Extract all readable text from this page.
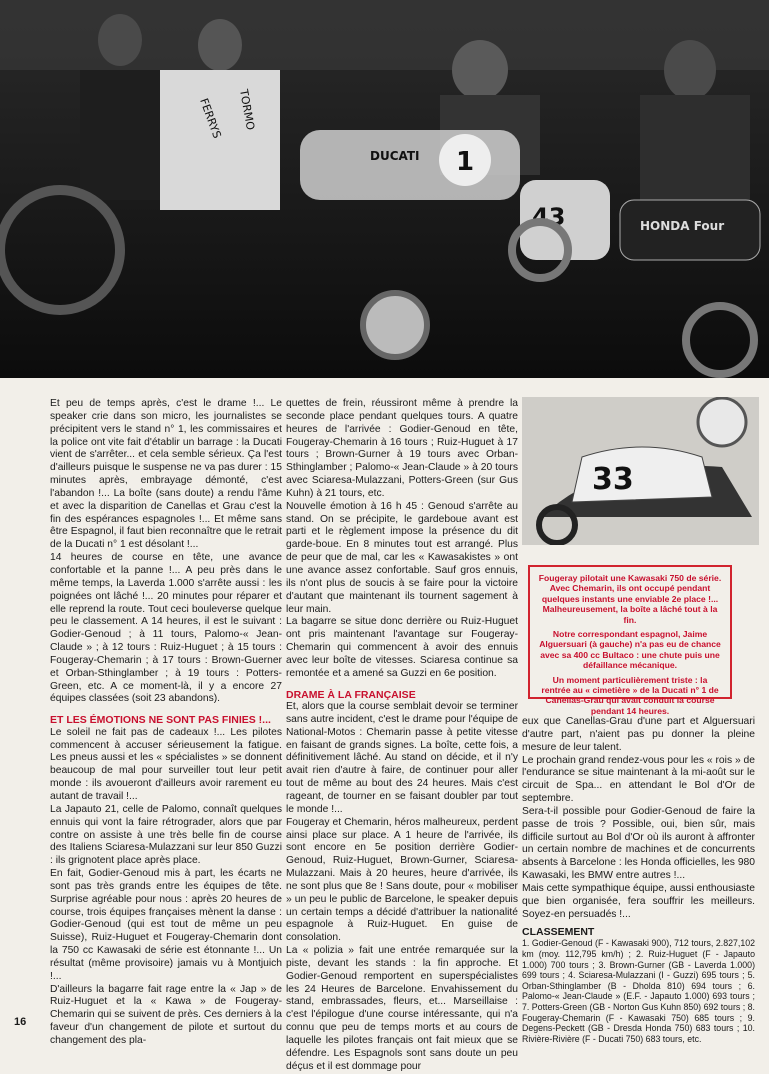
FERRYS TORMO
DUCATI 1
43	HONDA Four

Et peu de temps après, c'est le drame !... Le speaker crie dans son micro, les journalistes se précipitent vers le stand n° 1, les commissaires et la police ont vite fait d'établir un barrage : la Ducati vient de s'arrêter... et cela semble sérieux. Ça l'est d'ailleurs puisque le suspense ne va pas durer : 15 minutes après, embrayage démonté, c'est l'abandon !... La boîte (sans doute) a rendu l'âme et avec la disparition de Canellas et Grau c'est la fin des espérances espagnoles !... Et même sans être Espagnol, il faut bien reconnaître que le retrait de la Ducati n° 1 est désolant !...

14 heures de course en tête, une avance confortable et la panne !... A peu près dans le même temps, la Laverda 1.000 s'arrête aussi : les poignées ont lâché !... 20 minutes pour réparer et elle reprend la route. Tout ceci bouleverse quelque peu le classement. A 14 heures, il est le suivant : Godier-Genoud ; à 11 tours, Palomo-« Jean-Claude » ; à 12 tours : Ruiz-Huguet ; à 15 tours : Fougeray-Chemarin ; à 17 tours : Brown-Guerner et Orban-Sthinglamber ; à 19 tours : Potters-Green, etc. A ce moment-là, il y a encore 27 équipes classées (soit 23 abandons).

ET LES ÉMOTIONS NE SONT PAS FINIES !...

Le soleil ne fait pas de cadeaux !... Les pilotes commencent à accuser sérieusement la fatigue. Les pneus aussi et les « spécialistes » se donnent beaucoup de mal pour surveiller tout leur petit monde : ils avoueront d'ailleurs avoir rarement eu autant de travail !...

La Japauto 21, celle de Palomo, connaît quelques ennuis qui vont la faire rétrograder, alors que par contre on assiste à une très belle fin de course des Italiens Sciaresa-Mulazzani sur leur 850 Guzzi : ils grignotent place après place.

En fait, Godier-Genoud mis à part, les écarts ne sont pas très grands entre les équipes de tête. Surprise agréable pour nous : après 20 heures de course, trois équipes françaises mènent la danse : Godier-Genoud (qui est tout de même un peu Suisse), Ruiz-Huguet et Fougeray-Chemarin dont la 750 cc Kawasaki de série est étonnante !... Un résultat (même provisoire) jamais vu à Montjuich !...

D'ailleurs la bagarre fait rage entre la « Jap » de Ruiz-Huguet et la « Kawa » de Fougeray-Chemarin qui se suivent de près. Ces derniers à la faveur d'un changement de pilote et surtout du changement des pla-

quettes de frein, réussiront même à prendre la seconde place pendant quelques tours. A quatre heures de l'arrivée : Godier-Genoud en tête, Fougeray-Chemarin à 16 tours ; Ruiz-Huguet à 17 tours ; Brown-Gurner à 19 tours avec Orban-Sthinglamber ; Palomo-« Jean-Claude » à 20 tours avec Sciaresa-Mulazzani, Potters-Green (sur Gus Kuhn) à 21 tours, etc.

Nouvelle émotion à 16 h 45 : Genoud s'arrête au stand. On se précipite, le gardeboue avant est parti et le règlement impose la présence du dit garde-boue. En 8 minutes tout est arrangé. Plus de peur que de mal, car les « Kawasakistes » ont une avance assez confortable. Sauf gros ennuis, ils n'ont plus de soucis à se faire pour la victoire d'autant que maintenant ils tournent sagement à leur main.

La bagarre se situe donc derrière ou Ruiz-Huguet ont pris maintenant l'avantage sur Fougeray-Chemarin qui commencent à avoir des ennuis avec leur boîte de vitesses. Sciaresa continue sa remontée et a amené sa Guzzi en 6e position.

DRAME À LA FRANÇAISE

Et, alors que la course semblait devoir se terminer sans autre incident, c'est le drame pour l'équipe de National-Motos : Chemarin passe à petite vitesse en faisant de grands signes. La boîte, cette fois, a définitivement lâché. Au stand on décide, et il n'y avait rien d'autre à faire, de continuer pour aller tout de même au bout des 24 heures. Mais c'est rageant, de tourner en se faisant doubler par tout le monde !...

Fougeray et Chemarin, héros malheureux, perdent ainsi place sur place. A 1 heure de l'arrivée, ils sont encore en 5e position derrière Godier-Genoud, Ruiz-Huguet, Brown-Gurner, Sciaresa-Mulazzani. Mais à 20 heures, heure d'arrivée, ils ne sont plus que 8e ! Sans doute, pour « mobiliser » un peu le public de Barcelone, le speaker depuis un certain temps a décidé d'attribuer la nationalité espagnole à Ruiz-Huguet. En guise de consolation.

La « polizia » fait une entrée remarquée sur la piste, devant les stands : la fin approche. Et Godier-Genoud remportent en superspécialistes les 24 Heures de Barcelone. Envahissement du stand, embrassades, fleurs, et... Marseillaise : c'est l'épilogue d'une course intéressante, qui n'a connu que peu de temps morts et au cours de laquelle les pilotes français ont fait mieux que se défendre. Les Espagnols sont sans doute un peu déçus et il est dommage pour

33

Fougeray pilotait une Kawasaki 750 de série. Avec Chemarin, ils ont occupé pendant quelques instants une enviable 2e place !... Malheureusement, la boîte a lâché tout à la fin.

Notre correspondant espagnol, Jaime Alguersuari (à gauche) n'a pas eu de chance avec sa 400 cc Bultaco : une chute puis une défaillance mécanique.

Un moment particulièrement triste : la rentrée au « cimetière » de la Ducati n° 1 de Canellas-Grau qui avait conduit la course pendant 14 heures.

eux que Canellas-Grau d'une part et Alguersuari d'autre part, n'aient pas pu donner la pleine mesure de leur talent.

Le prochain grand rendez-vous pour les « rois » de l'endurance se situe maintenant à la mi-août sur le circuit de Spa... en attendant le Bol d'Or de septembre.

Sera-t-il possible pour Godier-Genoud de faire la passe de trois ? Possible, oui, bien sûr, mais difficile surtout au Bol d'Or où ils auront à affronter un certain nombre de machines et de concurrents absents à Barcelone : les Honda officielles, les 980 Kawasaki, les BMW entre autres !...

Mais cette sympathique équipe, aussi enthousiaste que bien organisée, fera souffrir les meilleurs. Soyez-en persuadés !...

CLASSEMENT

1. Godier-Genoud (F - Kawasaki 900), 712 tours, 2.827,102 km (moy. 112,795 km/h) ; 2. Ruiz-Huguet (F - Japauto 1.000) 700 tours ; 3. Brown-Gurner (GB - Laverda 1.000) 699 tours ; 4. Sciaresa-Mulazzani (I - Guzzi) 695 tours ; 5. Orban-Sthinglamber (B - Dholda 810) 694 tours ; 6. Palomo-« Jean-Claude » (E.F. - Japauto 1.000) 693 tours ; 7. Potters-Green (GB - Norton Gus Kuhn 850) 692 tours ; 8. Fougeray-Chemarin (F - Kawasaki 750) 685 tours ; 9. Degens-Peckett (GB - Dresda Honda 750) 683 tours ; 10. Rivière-Rivière (F - Ducati 750) 683 tours, etc.

16
